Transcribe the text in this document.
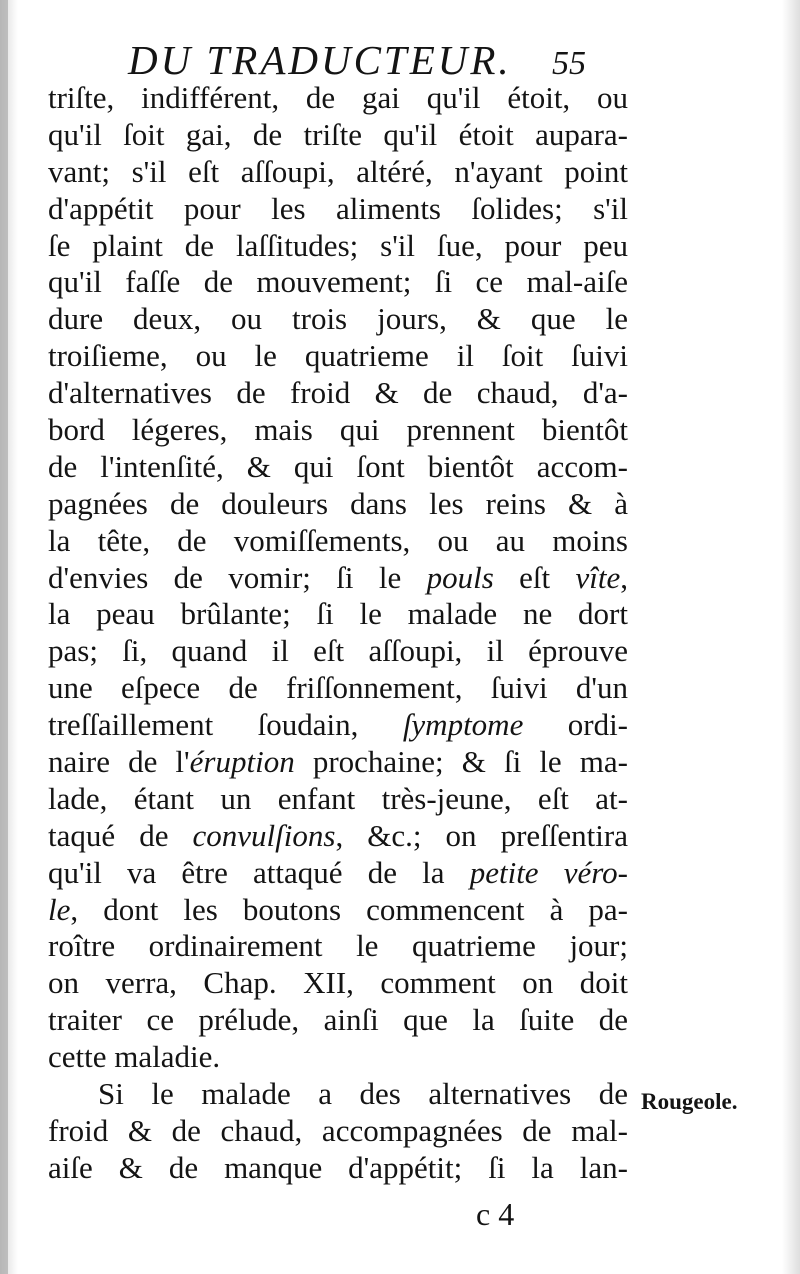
DU TRADUCTEUR. 55
triſte, indifférent, de gai qu'il étoit, ou
qu'il ſoit gai, de triſte qu'il étoit aupara-
vant; s'il eſt aſſoupi, altéré, n'ayant point
d'appétit pour les aliments ſolides; s'il
ſe plaint de laſſitudes; s'il ſue, pour peu
qu'il faſſe de mouvement; ſi ce mal-aiſe
dure deux, ou trois jours, & que le
troiſieme, ou le quatrieme il ſoit ſuivi
d'alternatives de froid & de chaud, d'a-
bord légeres, mais qui prennent bientôt
de l'intenſité, & qui ſont bientôt accom-
pagnées de douleurs dans les reins & à
la tête, de vomiſſements, ou au moins
d'envies de vomir; ſi le pouls eſt vîte,
la peau brûlante; ſi le malade ne dort
pas; ſi, quand il eſt aſſoupi, il éprouve
une eſpece de friſſonnement, ſuivi d'un
treſſaillement ſoudain, ſymptome ordi-
naire de l'éruption prochaine; & ſi le ma-
lade, étant un enfant très-jeune, eſt at-
taqué de convulſions, &c.; on preſſentira
qu'il va être attaqué de la petite véro-
le, dont les boutons commencent à pa-
roître ordinairement le quatrieme jour;
on verra, Chap. XII, comment on doit
traiter ce prélude, ainſi que la ſuite de
cette maladie.
Si le malade a des alternatives de
froid & de chaud, accompagnées de mal-
aiſe & de manque d'appétit; ſi la lan-
Rougeole.
c 4
